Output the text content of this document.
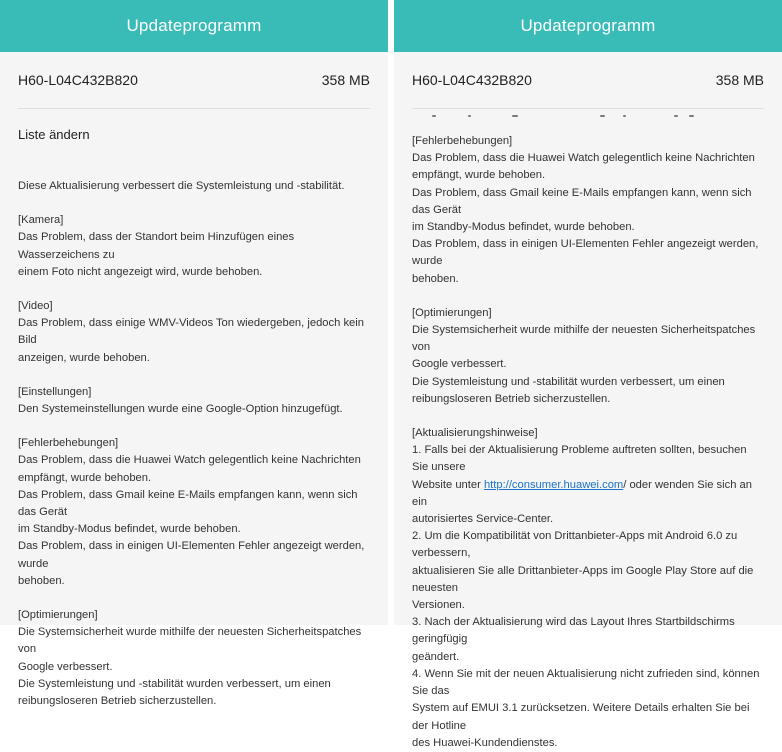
Updateprogramm
H60-L04C432B820	358 MB
Liste ändern

Diese Aktualisierung verbessert die Systemleistung und -stabilität.

[Kamera]

Das Problem, dass der Standort beim Hinzufügen eines Wasserzeichens zu

einem Foto nicht angezeigt wird, wurde behoben.

[Video]

Das Problem, dass einige WMV-Videos Ton wiedergeben, jedoch kein Bild

anzeigen, wurde behoben.

[Einstellungen]

Den Systemeinstellungen wurde eine Google-Option hinzugefügt.

[Fehlerbehebungen]

Das Problem, dass die Huawei Watch gelegentlich keine Nachrichten

empfängt, wurde behoben.

Das Problem, dass Gmail keine E-Mails empfangen kann, wenn sich das Gerät

im Standby-Modus befindet, wurde behoben.

Das Problem, dass in einigen UI-Elementen Fehler angezeigt werden, wurde

behoben.

[Optimierungen]

Die Systemsicherheit wurde mithilfe der neuesten Sicherheitspatches von

Google verbessert.

Die Systemleistung und -stabilität wurden verbessert, um einen

reibungsloseren Betrieb sicherzustellen.

Updateprogramm
H60-L04C432B820	358 MB

[Fehlerbehebungen]

Das Problem, dass die Huawei Watch gelegentlich keine Nachrichten

empfängt, wurde behoben.

Das Problem, dass Gmail keine E-Mails empfangen kann, wenn sich das Gerät

im Standby-Modus befindet, wurde behoben.

Das Problem, dass in einigen UI-Elementen Fehler angezeigt werden, wurde

behoben.

[Optimierungen]

Die Systemsicherheit wurde mithilfe der neuesten Sicherheitspatches von

Google verbessert.

Die Systemleistung und -stabilität wurden verbessert, um einen

reibungsloseren Betrieb sicherzustellen.

[Aktualisierungshinweise]

1. Falls bei der Aktualisierung Probleme auftreten sollten, besuchen Sie unsere

Website unter http://consumer.huawei.com/ oder wenden Sie sich an ein

autorisiertes Service-Center.

2. Um die Kompatibilität von Drittanbieter-Apps mit Android 6.0 zu verbessern,

aktualisieren Sie alle Drittanbieter-Apps im Google Play Store auf die neuesten

Versionen.

3. Nach der Aktualisierung wird das Layout Ihres Startbildschirms geringfügig

geändert.

4. Wenn Sie mit der neuen Aktualisierung nicht zufrieden sind, können Sie das

System auf EMUI 3.1 zurücksetzen. Weitere Details erhalten Sie bei der Hotline

des Huawei-Kundendienstes.
